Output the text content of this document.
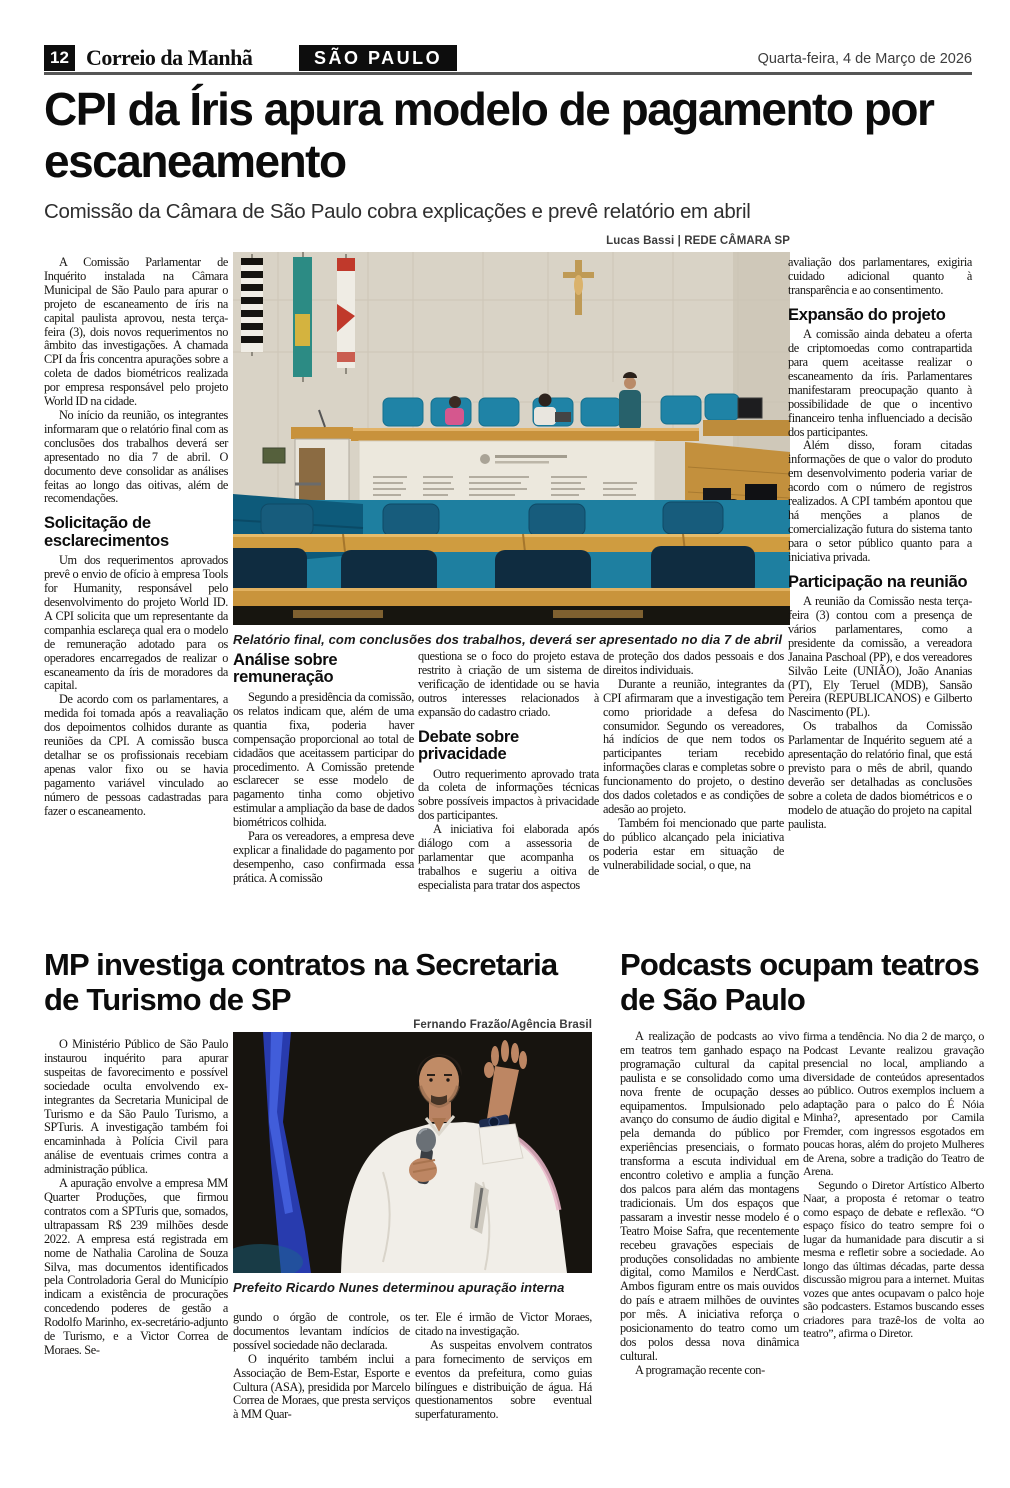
12 Correio da Manhã	SÃO PAULO	Quarta-feira, 4 de Março de 2026
CPI da Íris apura modelo de pagamento por escaneamento
Comissão da Câmara de São Paulo cobra explicações e prevê relatório em abril
Lucas Bassi | REDE CÂMARA SP
Relatório final, com conclusões dos trabalhos, deverá ser apresentado no dia 7 de abril

A Comissão Parlamentar de Inquérito instalada na Câmara Municipal de São Paulo para apurar o projeto de escaneamento de íris na capital paulista aprovou, nesta terça-feira (3), dois novos requerimentos no âmbito das investigações. A chamada CPI da Íris concentra apurações sobre a coleta de dados biométricos realizada por empresa responsável pelo projeto World ID na cidade.

No início da reunião, os integrantes informaram que o relatório final com as conclusões dos trabalhos deverá ser apresentado no dia 7 de abril. O documento deve consolidar as análises feitas ao longo das oitivas, além de recomendações.

Solicitação de esclarecimentos

Um dos requerimentos aprovados prevê o envio de ofício à empresa Tools for Humanity, responsável pelo desenvolvimento do projeto World ID. A CPI solicita que um representante da companhia esclareça qual era o modelo de remuneração adotado para os operadores encarregados de realizar o escaneamento da íris de moradores da capital.

De acordo com os parlamentares, a medida foi tomada após a reavaliação dos depoimentos colhidos durante as reuniões da CPI. A comissão busca detalhar se os profissionais recebiam apenas valor fixo ou se havia pagamento variável vinculado ao número de pessoas cadastradas para fazer o escaneamento.

Análise sobre remuneração

Segundo a presidência da comissão, os relatos indicam que, além de uma quantia fixa, poderia haver compensação proporcional ao total de cidadãos que aceitassem participar do procedimento. A Comissão pretende esclarecer se esse modelo de pagamento tinha como objetivo estimular a ampliação da base de dados biométricos colhida.

Para os vereadores, a empresa deve explicar a finalidade do pagamento por desempenho, caso confirmada essa prática. A comissão

questiona se o foco do projeto estava restrito à criação de um sistema de verificação de identidade ou se havia outros interesses relacionados à expansão do cadastro criado.

Debate sobre privacidade

Outro requerimento aprovado trata da coleta de informações técnicas sobre possíveis impactos à privacidade dos participantes.

A iniciativa foi elaborada após diálogo com a assessoria de parlamentar que acompanha os trabalhos e sugeriu a oitiva de especialista para tratar dos aspectos

de proteção dos dados pessoais e dos direitos individuais.

Durante a reunião, integrantes da CPI afirmaram que a investigação tem como prioridade a defesa do consumidor. Segundo os vereadores, há indícios de que nem todos os participantes teriam recebido informações claras e completas sobre o funcionamento do projeto, o destino dos dados coletados e as condições de adesão ao projeto.

Também foi mencionado que parte do público alcançado pela iniciativa poderia estar em situação de vulnerabilidade social, o que, na

avaliação dos parlamentares, exigiria cuidado adicional quanto à transparência e ao consentimento.

Expansão do projeto

A comissão ainda debateu a oferta de criptomoedas como contrapartida para quem aceitasse realizar o escaneamento da íris. Parlamentares manifestaram preocupação quanto à possibilidade de que o incentivo financeiro tenha influenciado a decisão dos participantes.

Além disso, foram citadas informações de que o valor do produto em desenvolvimento poderia variar de acordo com o número de registros realizados. A CPI também apontou que há menções a planos de comercialização futura do sistema tanto para o setor público quanto para a iniciativa privada.

Participação na reunião

A reunião da Comissão nesta terça-feira (3) contou com a presença de vários parlamentares, como a presidente da comissão, a vereadora Janaina Paschoal (PP), e dos vereadores Silvão Leite (UNIÃO), João Ananias (PT), Ely Teruel (MDB), Sansão Pereira (REPUBLICANOS) e Gilberto Nascimento (PL).

Os trabalhos da Comissão Parlamentar de Inquérito seguem até a apresentação do relatório final, que está previsto para o mês de abril, quando deverão ser detalhadas as conclusões sobre a coleta de dados biométricos e o modelo de atuação do projeto na capital paulista.

MP investiga contratos na Secretaria de Turismo de SP
Fernando Frazão/Agência Brasil
Prefeito Ricardo Nunes determinou apuração interna

O Ministério Público de São Paulo instaurou inquérito para apurar suspeitas de favorecimento e possível sociedade oculta envolvendo ex-integrantes da Secretaria Municipal de Turismo e da São Paulo Turismo, a SPTuris. A investigação também foi encaminhada à Polícia Civil para análise de eventuais crimes contra a administração pública.

A apuração envolve a empresa MM Quarter Produções, que firmou contratos com a SPTuris que, somados, ultrapassam R$ 239 milhões desde 2022. A empresa está registrada em nome de Nathalia Carolina de Souza Silva, mas documentos identificados pela Controladoria Geral do Município indicam a existência de procurações concedendo poderes de gestão a Rodolfo Marinho, ex-secretário-adjunto de Turismo, e a Victor Correa de Moraes. Se-

gundo o órgão de controle, os documentos levantam indícios de possível sociedade não declarada.

O inquérito também inclui a Associação de Bem-Estar, Esporte e Cultura (ASA), presidida por Marcelo Correa de Moraes, que presta serviços à MM Quar-

ter. Ele é irmão de Victor Moraes, citado na investigação.

As suspeitas envolvem contratos para fornecimento de serviços em eventos da prefeitura, como guias bilíngues e distribuição de água. Há questionamentos sobre eventual superfaturamento.

Podcasts ocupam teatros de São Paulo

A realização de podcasts ao vivo em teatros tem ganhado espaço na programação cultural da capital paulista e se consolidado como uma nova frente de ocupação desses equipamentos. Impulsionado pelo avanço do consumo de áudio digital e pela demanda do público por experiências presenciais, o formato transforma a escuta individual em encontro coletivo e amplia a função dos palcos para além das montagens tradicionais. Um dos espaços que passaram a investir nesse modelo é o Teatro Moise Safra, que recentemente recebeu gravações especiais de produções consolidadas no ambiente digital, como Mamilos e NerdCast. Ambos figuram entre os mais ouvidos do país e atraem milhões de ouvintes por mês. A iniciativa reforça o posicionamento do teatro como um dos polos dessa nova dinâmica cultural.

A programação recente con-

firma a tendência. No dia 2 de março, o Podcast Levante realizou gravação presencial no local, ampliando a diversidade de conteúdos apresentados ao público. Outros exemplos incluem a adaptação para o palco do É Nóia Minha?, apresentado por Camila Fremder, com ingressos esgotados em poucas horas, além do projeto Mulheres de Arena, sobre a tradição do Teatro de Arena.

Segundo o Diretor Artístico Alberto Naar, a proposta é retomar o teatro como espaço de debate e reflexão. “O espaço físico do teatro sempre foi o lugar da humanidade para discutir a si mesma e refletir sobre a sociedade. Ao longo das últimas décadas, parte dessa discussão migrou para a internet. Muitas vozes que antes ocupavam o palco hoje são podcasters. Estamos buscando esses criadores para trazê-los de volta ao teatro”, afirma o Diretor.
